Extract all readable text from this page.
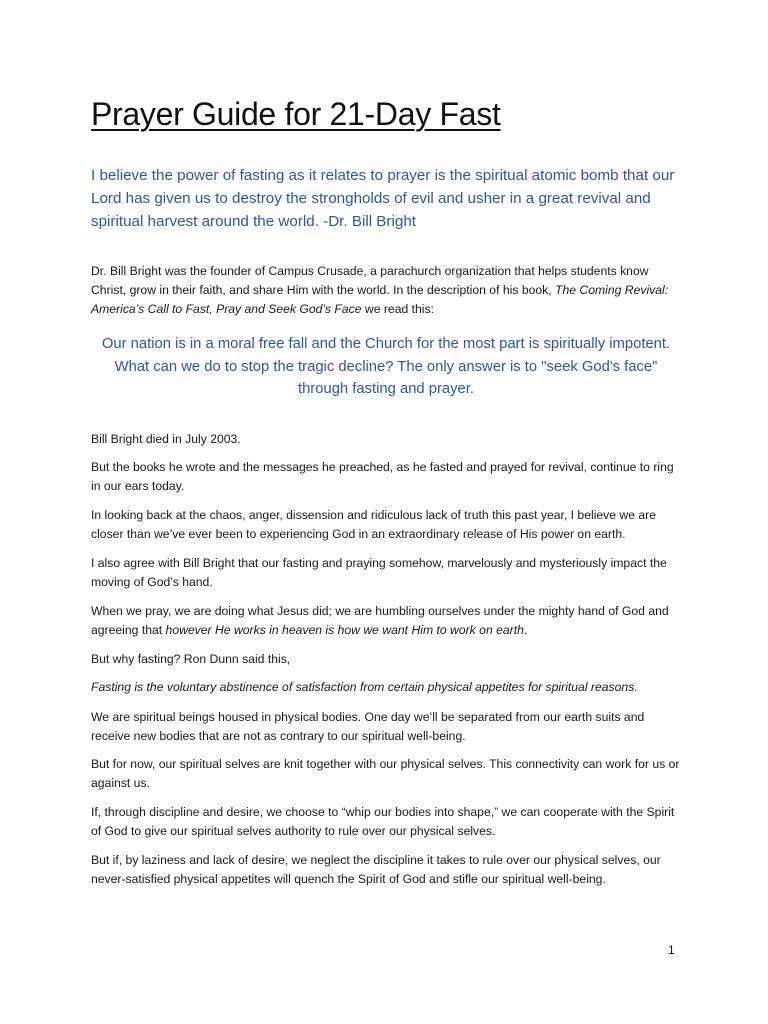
Prayer Guide for 21-Day Fast

I believe the power of fasting as it relates to prayer is the spiritual atomic bomb that our Lord has given us to destroy the strongholds of evil and usher in a great revival and spiritual harvest around the world. -Dr. Bill Bright

Dr. Bill Bright was the founder of Campus Crusade, a parachurch organization that helps students know Christ, grow in their faith, and share Him with the world. In the description of his book, The Coming Revival: America’s Call to Fast, Pray and Seek God’s Face we read this:

Our nation is in a moral free fall and the Church for the most part is spiritually impotent. What can we do to stop the tragic decline? The only answer is to "seek God's face" through fasting and prayer.

Bill Bright died in July 2003.

But the books he wrote and the messages he preached, as he fasted and prayed for revival, continue to ring in our ears today.

In looking back at the chaos, anger, dissension and ridiculous lack of truth this past year, I believe we are closer than we’ve ever been to experiencing God in an extraordinary release of His power on earth.

I also agree with Bill Bright that our fasting and praying somehow, marvelously and mysteriously impact the moving of God’s hand.

When we pray, we are doing what Jesus did; we are humbling ourselves under the mighty hand of God and agreeing that however He works in heaven is how we want Him to work on earth.

But why fasting? Ron Dunn said this,

Fasting is the voluntary abstinence of satisfaction from certain physical appetites for spiritual reasons.

We are spiritual beings housed in physical bodies. One day we’ll be separated from our earth suits and receive new bodies that are not as contrary to our spiritual well-being.

But for now, our spiritual selves are knit together with our physical selves. This connectivity can work for us or against us.

If, through discipline and desire, we choose to “whip our bodies into shape,” we can cooperate with the Spirit of God to give our spiritual selves authority to rule over our physical selves.

But if, by laziness and lack of desire, we neglect the discipline it takes to rule over our physical selves, our never-satisfied physical appetites will quench the Spirit of God and stifle our spiritual well-being.

1
